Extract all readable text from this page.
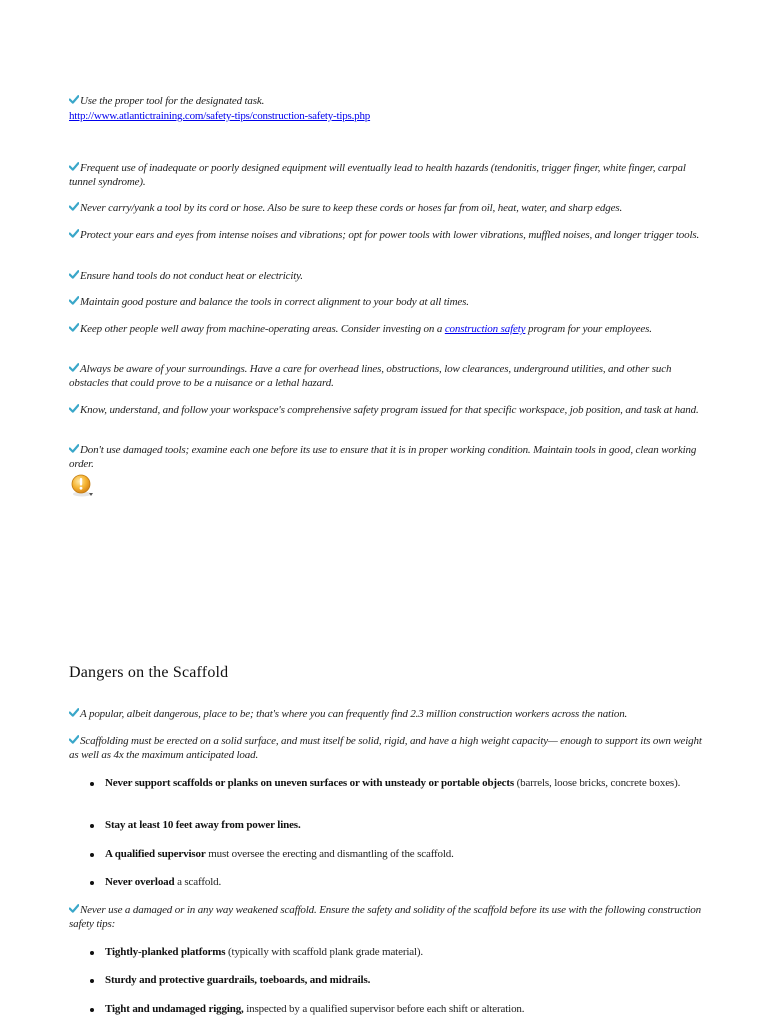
Use the proper tool for the designated task.

http://www.atlantictraining.com/safety-tips/construction-safety-tips.php

Frequent use of inadequate or poorly designed equipment will eventually lead to health hazards (tendonitis, trigger finger, white finger, carpal tunnel syndrome).

Never carry/yank a tool by its cord or hose. Also be sure to keep these cords or hoses far from oil, heat, water, and sharp edges.

Protect your ears and eyes from intense noises and vibrations; opt for power tools with lower vibrations, muffled noises, and longer trigger tools.

Ensure hand tools do not conduct heat or electricity.

Maintain good posture and balance the tools in correct alignment to your body at all times.

Keep other people well away from machine-operating areas. Consider investing on a construction safety program for your employees.

Always be aware of your surroundings. Have a care for overhead lines, obstructions, low clearances, underground utilities, and other such obstacles that could prove to be a nuisance or a lethal hazard.

Know, understand, and follow your workspace's comprehensive safety program issued for that specific workspace, job position, and task at hand.

Don't use damaged tools; examine each one before its use to ensure that it is in proper working condition. Maintain tools in good, clean working order.

Dangers on the Scaffold

A popular, albeit dangerous, place to be; that's where you can frequently find 2.3 million construction workers across the nation.

Scaffolding must be erected on a solid surface, and must itself be solid, rigid, and have a high weight capacity— enough to support its own weight as well as 4x the maximum anticipated load.

Never support scaffolds or planks on uneven surfaces or with unsteady or portable objects (barrels, loose bricks, concrete boxes).

Stay at least 10 feet away from power lines.

A qualified supervisor must oversee the erecting and dismantling of the scaffold.

Never overload a scaffold.

Never use a damaged or in any way weakened scaffold. Ensure the safety and solidity of the scaffold before its use with the following construction safety tips:

Tightly-planked platforms (typically with scaffold plank grade material).

Sturdy and protective guardrails, toeboards, and midrails.

Tight and undamaged rigging, inspected by a qualified supervisor before each shift or alteration.
